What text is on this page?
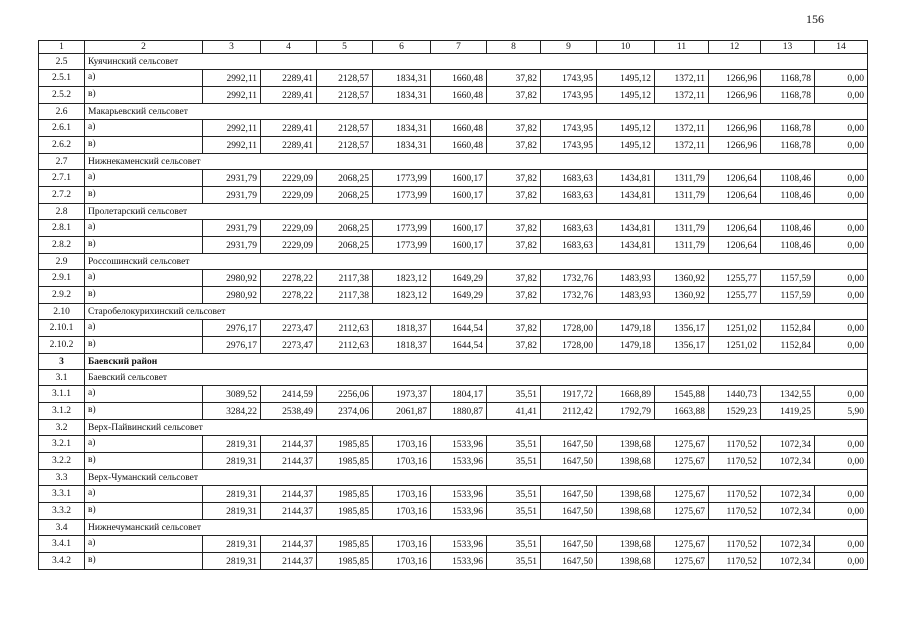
156
1	2	3	4	5	6	7	8	9	10	11	12	13	14
2.5	Куячинский сельсовет												
2.5.1	а)	2992,11	2289,41	2128,57	1834,31	1660,48	37,82	1743,95	1495,12	1372,11	1266,96	1168,78	0,00
2.5.2	в)	2992,11	2289,41	2128,57	1834,31	1660,48	37,82	1743,95	1495,12	1372,11	1266,96	1168,78	0,00
2.6	Макарьевский сельсовет												
2.6.1	а)	2992,11	2289,41	2128,57	1834,31	1660,48	37,82	1743,95	1495,12	1372,11	1266,96	1168,78	0,00
2.6.2	в)	2992,11	2289,41	2128,57	1834,31	1660,48	37,82	1743,95	1495,12	1372,11	1266,96	1168,78	0,00
2.7	Нижнекаменский сельсовет												
2.7.1	а)	2931,79	2229,09	2068,25	1773,99	1600,17	37,82	1683,63	1434,81	1311,79	1206,64	1108,46	0,00
2.7.2	в)	2931,79	2229,09	2068,25	1773,99	1600,17	37,82	1683,63	1434,81	1311,79	1206,64	1108,46	0,00
2.8	Пролетарский сельсовет												
2.8.1	а)	2931,79	2229,09	2068,25	1773,99	1600,17	37,82	1683,63	1434,81	1311,79	1206,64	1108,46	0,00
2.8.2	в)	2931,79	2229,09	2068,25	1773,99	1600,17	37,82	1683,63	1434,81	1311,79	1206,64	1108,46	0,00
2.9	Россошинский сельсовет												
2.9.1	а)	2980,92	2278,22	2117,38	1823,12	1649,29	37,82	1732,76	1483,93	1360,92	1255,77	1157,59	0,00
2.9.2	в)	2980,92	2278,22	2117,38	1823,12	1649,29	37,82	1732,76	1483,93	1360,92	1255,77	1157,59	0,00
2.10	Старобелокурихинский сельсовет												
2.10.1	а)	2976,17	2273,47	2112,63	1818,37	1644,54	37,82	1728,00	1479,18	1356,17	1251,02	1152,84	0,00
2.10.2	в)	2976,17	2273,47	2112,63	1818,37	1644,54	37,82	1728,00	1479,18	1356,17	1251,02	1152,84	0,00
3	Баевский район												
3.1	Баевский сельсовет												
3.1.1	а)	3089,52	2414,59	2256,06	1973,37	1804,17	35,51	1917,72	1668,89	1545,88	1440,73	1342,55	0,00
3.1.2	в)	3284,22	2538,49	2374,06	2061,87	1880,87	41,41	2112,42	1792,79	1663,88	1529,23	1419,25	5,90
3.2	Верх-Пайвинский сельсовет												
3.2.1	а)	2819,31	2144,37	1985,85	1703,16	1533,96	35,51	1647,50	1398,68	1275,67	1170,52	1072,34	0,00
3.2.2	в)	2819,31	2144,37	1985,85	1703,16	1533,96	35,51	1647,50	1398,68	1275,67	1170,52	1072,34	0,00
3.3	Верх-Чуманский сельсовет												
3.3.1	а)	2819,31	2144,37	1985,85	1703,16	1533,96	35,51	1647,50	1398,68	1275,67	1170,52	1072,34	0,00
3.3.2	в)	2819,31	2144,37	1985,85	1703,16	1533,96	35,51	1647,50	1398,68	1275,67	1170,52	1072,34	0,00
3.4	Нижнечуманский сельсовет												
3.4.1	а)	2819,31	2144,37	1985,85	1703,16	1533,96	35,51	1647,50	1398,68	1275,67	1170,52	1072,34	0,00
3.4.2	в)	2819,31	2144,37	1985,85	1703,16	1533,96	35,51	1647,50	1398,68	1275,67	1170,52	1072,34	0,00
